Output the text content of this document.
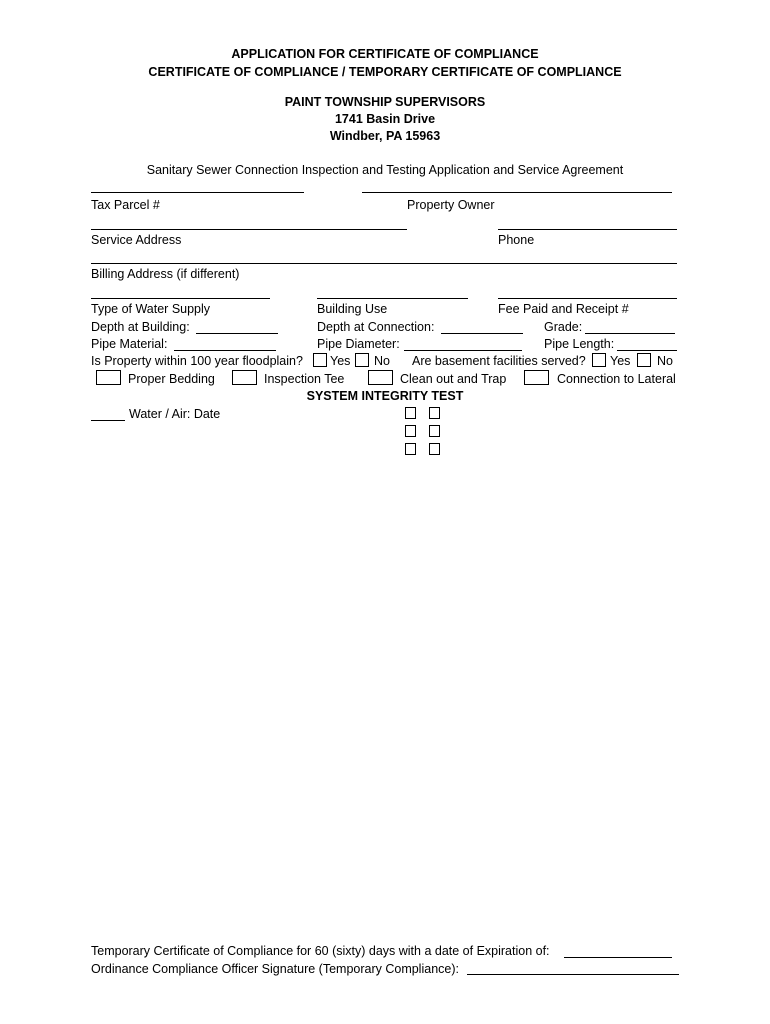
APPLICATION FOR CERTIFICATE OF COMPLIANCE
CERTIFICATE OF COMPLIANCE / TEMPORARY CERTIFICATE OF COMPLIANCE
PAINT TOWNSHIP SUPERVISORS
1741 Basin Drive
Windber, PA 15963
Sanitary Sewer Connection Inspection and Testing Application and Service Agreement
Tax Parcel #	Property Owner
Service Address	Phone
Billing Address (if different)
Type of Water Supply	Building Use	Fee Paid and Receipt #
Depth at Building:	Depth at Connection:	Grade:
Pipe Material:	Pipe Diameter:	Pipe Length:
Is Property within 100 year floodplain? Yes No Are basement facilities served? Yes No
Proper Bedding	Inspection Tee	Clean out and Trap	Connection to Lateral
SYSTEM INTEGRITY TEST
Water / Air: Date
Temporary Certificate of Compliance for 60 (sixty) days with a date of Expiration of:
Ordinance Compliance Officer Signature (Temporary Compliance):
